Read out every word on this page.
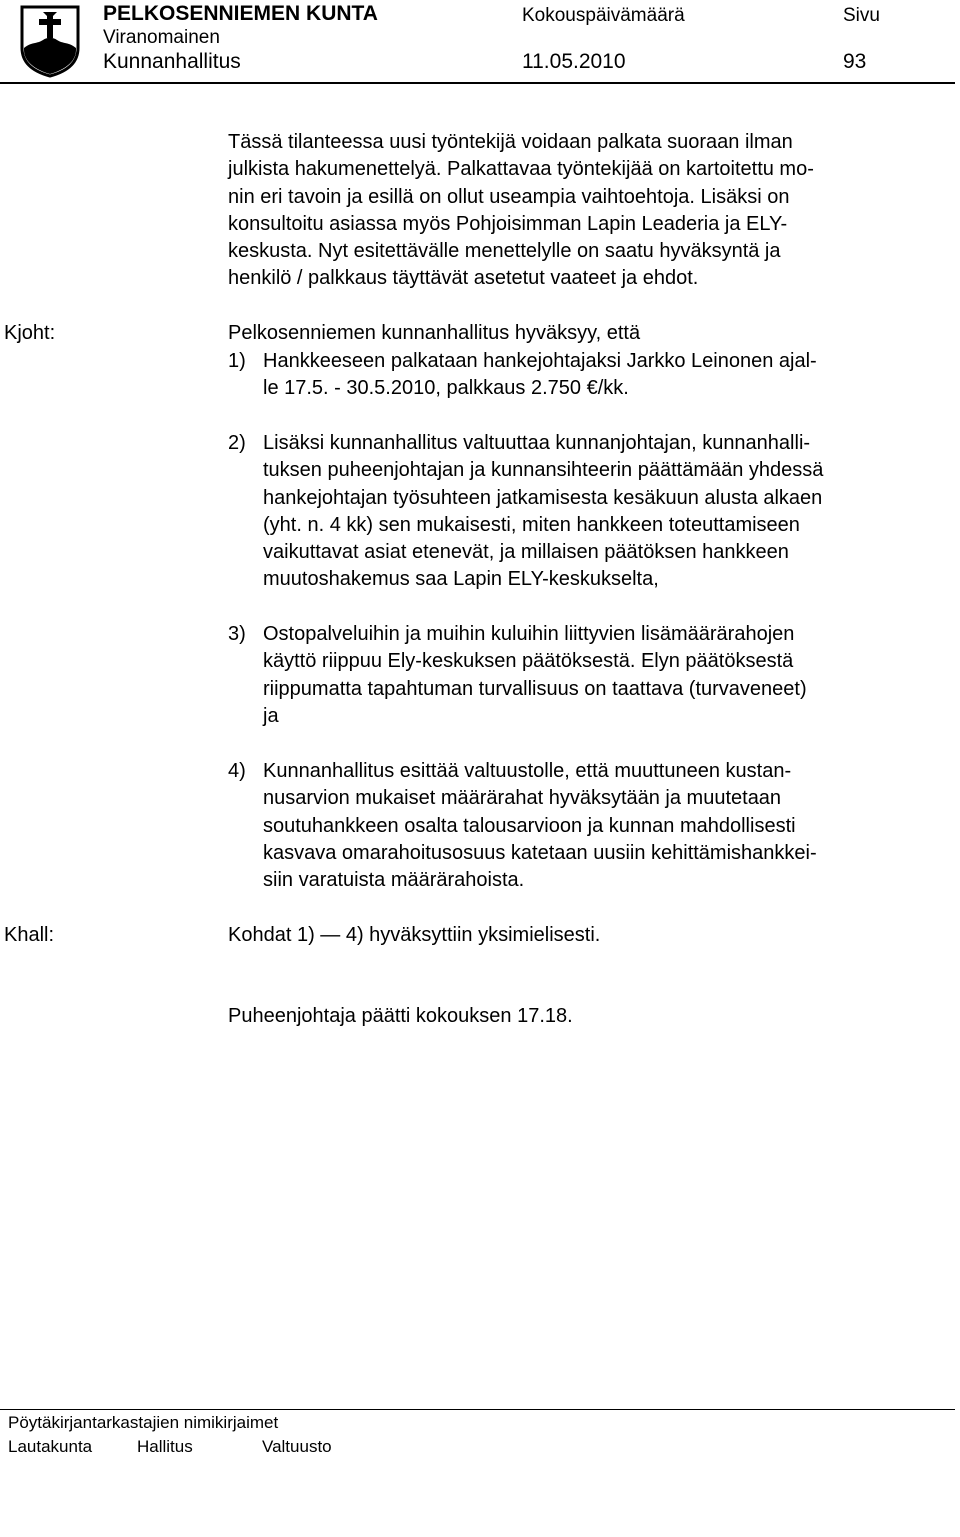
PELKOSENNIEMEN KUNTA
Viranomainen
Kunnanhallitus
Kokouspäivämäärä
11.05.2010
Sivu
93
Tässä tilanteessa uusi työntekijä voidaan palkata suoraan ilman
julkista hakumenettelyä. Palkattavaa työntekijää on kartoitettu mo-
nin eri tavoin ja esillä on ollut useampia vaihtoehtoja. Lisäksi on
konsultoitu asiassa myös Pohjoisimman Lapin Leaderia ja ELY-
keskusta. Nyt esitettävälle menettelylle on saatu hyväksyntä ja
henkilö / palkkaus täyttävät asetetut vaateet ja ehdot.
Kjoht:	Pelkosenniemen kunnanhallitus hyväksyy, että
1) Hankkeeseen palkataan hankejohtajaksi Jarkko Leinonen ajal-
le 17.5. - 30.5.2010, palkkaus 2.750 €/kk.
2) Lisäksi kunnanhallitus valtuuttaa kunnanjohtajan, kunnanhalli-
tuksen puheenjohtajan ja kunnansihteerin päättämään yhdessä
hankejohtajan työsuhteen jatkamisesta kesäkuun alusta alkaen
(yht. n. 4 kk) sen mukaisesti, miten hankkeen toteuttamiseen
vaikuttavat asiat etenevät, ja millaisen päätöksen hankkeen
muutoshakemus saa Lapin ELY-keskukselta,
3) Ostopalveluihin ja muihin kuluihin liittyvien lisämäärärahojen
käyttö riippuu Ely-keskuksen päätöksestä. Elyn päätöksestä
riippumatta tapahtuman turvallisuus on taattava (turvaveneet)
ja
4) Kunnanhallitus esittää valtuustolle, että muuttuneen kustan-
nusarvion mukaiset määrärahat hyväksytään ja muutetaan
soutuhankkeen osalta talousarvioon ja kunnan mahdollisesti
kasvava omarahoitusosuus katetaan uusiin kehittämishankkei-
siin varatuista määrärahoista.
Khall:	Kohdat 1) — 4) hyväksyttiin yksimielisesti.
Puheenjohtaja päätti kokouksen 17.18.
Pöytäkirjantarkastajien nimikirjaimet
Lautakunta	Hallitus	Valtuusto
